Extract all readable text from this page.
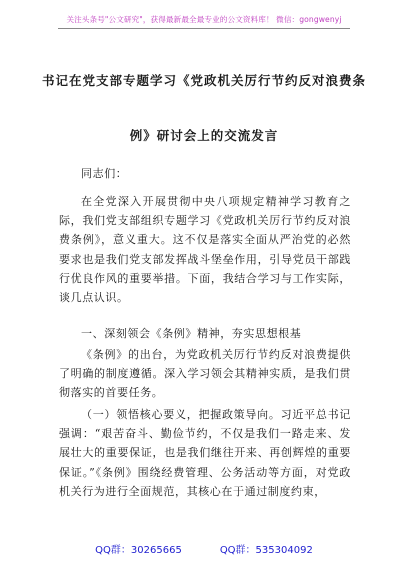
关注头条号"公文研究"，获得最新最全最专业的公文资料库！ 微信：gongwenyj
书记在党支部专题学习《党政机关厉行节约反对浪费条
例》研讨会上的交流发言
同志们：
在全党深入开展贯彻中央八项规定精神学习教育之际，我们党支部组织专题学习《党政机关厉行节约反对浪费条例》，意义重大。这不仅是落实全面从严治党的必然要求也是我们党支部发挥战斗堡垒作用，引导党员干部践行优良作风的重要举措。下面，我结合学习与工作实际，谈几点认识。
一、深刻领会《条例》精神，夯实思想根基
《条例》的出台，为党政机关厉行节约反对浪费提供了明确的制度遵循。深入学习领会其精神实质，是我们贯彻落实的首要任务。
（一）领悟核心要义，把握政策导向。习近平总书记强调：“艰苦奋斗、勤俭节约，不仅是我们一路走来、发展壮大的重要保证，也是我们继往开来、再创辉煌的重要保证。”《条例》围绕经费管理、公务活动等方面，对党政机关行为进行全面规范，其核心在于通过制度约束，
QQ群：30265665	QQ群：535304092
